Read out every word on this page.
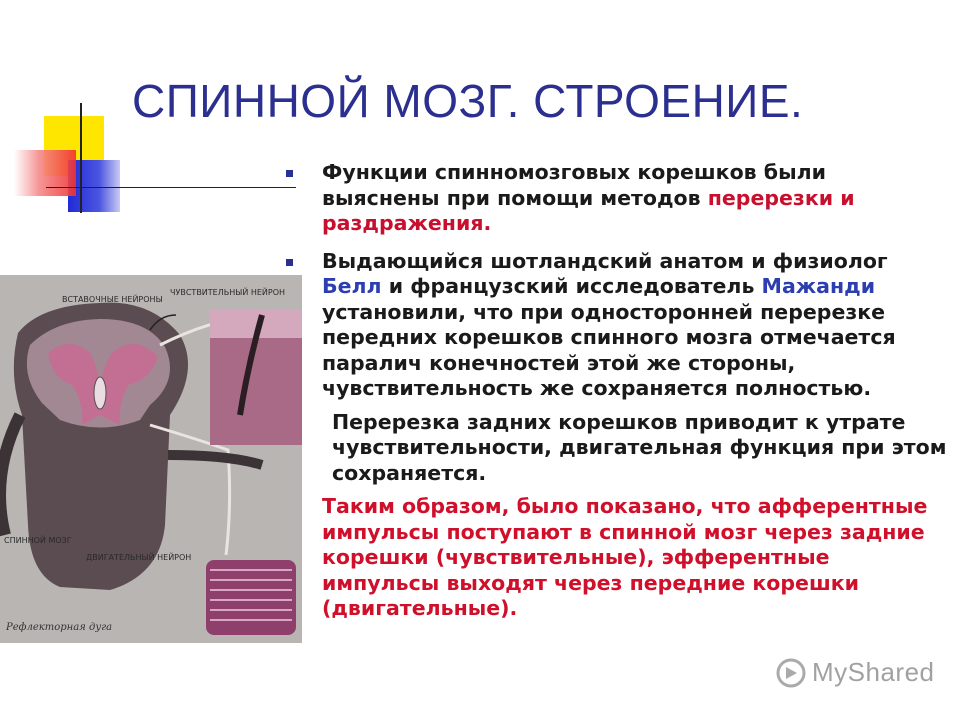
СПИННОЙ МОЗГ. СТРОЕНИЕ.

Функции спинномозговых корешков были выяснены при помощи методов перерезки и раздражения.

Выдающийся шотландский анатом и физиолог Белл и французский исследователь Мажанди установили, что при односторонней перерезке передних корешков спинного мозга отмечается паралич конечностей этой же стороны, чувствительность же сохраняется полностью.

Перерезка задних корешков приводит к утрате чувствительности, двигательная функция при этом сохраняется.

Таким образом, было показано, что афферентные импульсы поступают в спинной мозг через задние корешки (чувствительные), эфферентные импульсы выходят через передние корешки (двигательные).

ВСТАВОЧНЫЕ НЕЙРОНЫ
ЧУВСТВИТЕЛЬНЫЙ НЕЙРОН
СПИННОЙ МОЗГ
ДВИГАТЕЛЬНЫЙ НЕЙРОН
Рефлекторная дуга
MyShared
